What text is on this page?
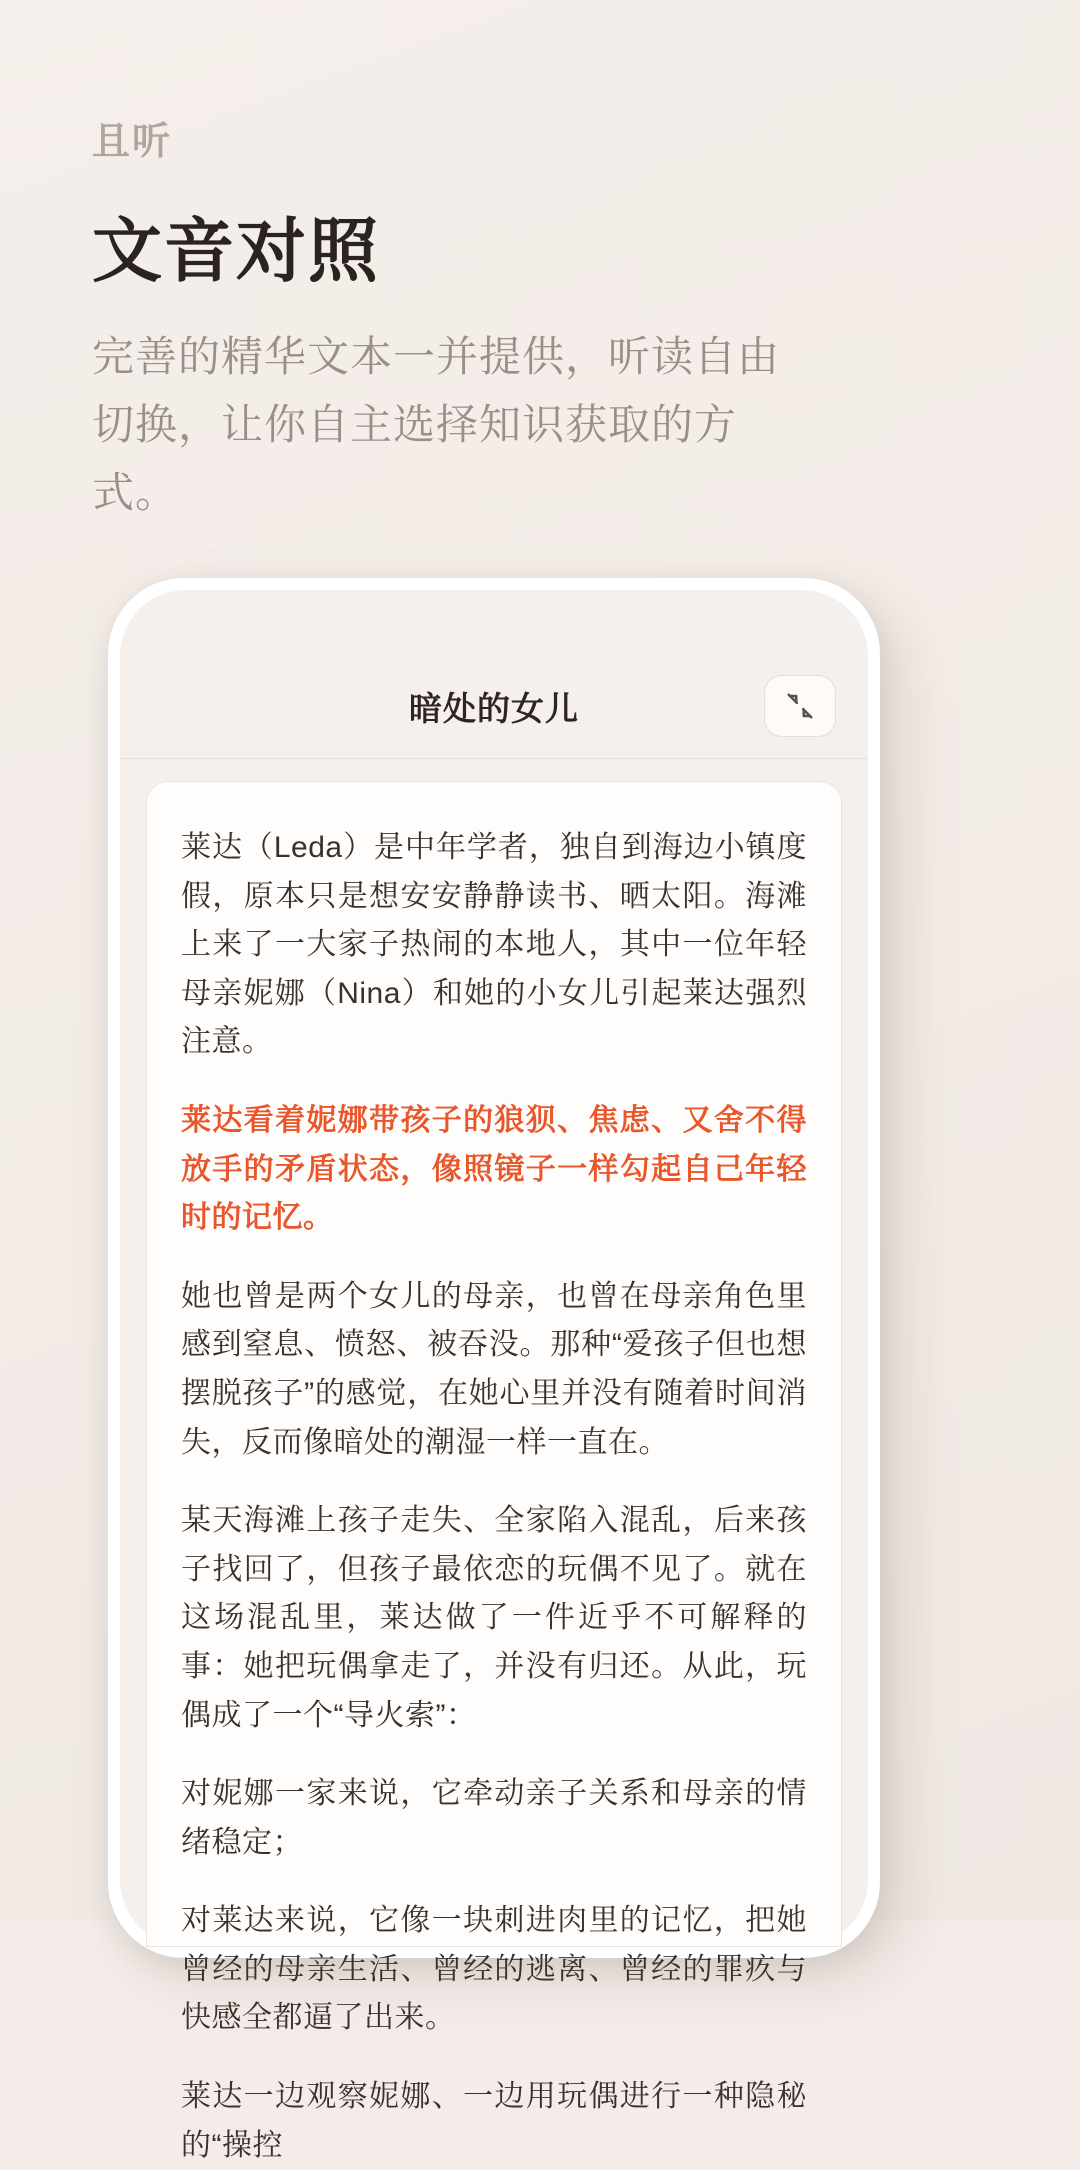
且听
文音对照

完善的精华文本一并提供，听读自由切换，让你自主选择知识获取的方式。

暗处的女儿

莱达（Leda）是中年学者，独自到海边小镇度假，原本只是想安安静静读书、晒太阳。海滩上来了一大家子热闹的本地人，其中一位年轻母亲妮娜（Nina）和她的小女儿引起莱达强烈注意。

莱达看着妮娜带孩子的狼狈、焦虑、又舍不得放手的矛盾状态，像照镜子一样勾起自己年轻时的记忆。

她也曾是两个女儿的母亲，也曾在母亲角色里感到窒息、愤怒、被吞没。那种“爱孩子但也想摆脱孩子”的感觉，在她心里并没有随着时间消失，反而像暗处的潮湿一样一直在。

某天海滩上孩子走失、全家陷入混乱，后来孩子找回了，但孩子最依恋的玩偶不见了。就在这场混乱里，莱达做了一件近乎不可解释的事：她把玩偶拿走了，并没有归还。从此，玩偶成了一个“导火索”：

对妮娜一家来说，它牵动亲子关系和母亲的情绪稳定；

对莱达来说，它像一块刺进肉里的记忆，把她曾经的母亲生活、曾经的逃离、曾经的罪疚与快感全都逼了出来。

莱达一边观察妮娜、一边用玩偶进行一种隐秘的“操控
